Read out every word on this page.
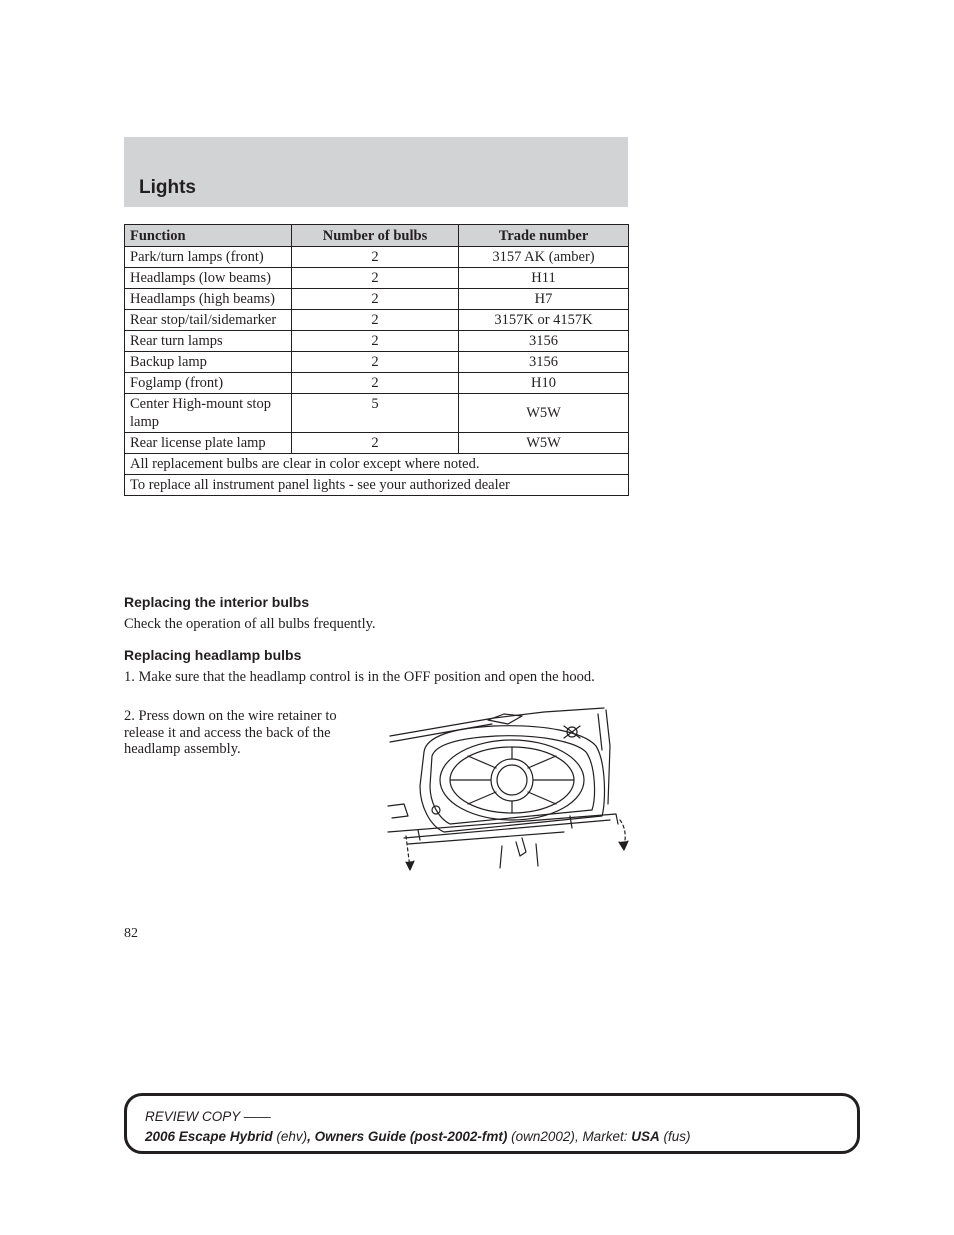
Lights
Function	Number of bulbs	Trade number
Park/turn lamps (front)	2	3157 AK (amber)
Headlamps (low beams)	2	H11
Headlamps (high beams)	2	H7
Rear stop/tail/sidemarker	2	3157K or 4157K
Rear turn lamps	2	3156
Backup lamp	2	3156
Foglamp (front)	2	H10
Center High-mount stop lamp	5	W5W
Rear license plate lamp	2	W5W
All replacement bulbs are clear in color except where noted.		
To replace all instrument panel lights - see your authorized dealer		
Replacing the interior bulbs

Check the operation of all bulbs frequently.

Replacing headlamp bulbs

1. Make sure that the headlamp control is in the OFF position and open the hood.

2. Press down on the wire retainer to release it and access the back of the headlamp assembly.

82

REVIEW COPY ——
2006 Escape Hybrid (ehv), Owners Guide (post-2002-fmt) (own2002), Market: USA (fus)
